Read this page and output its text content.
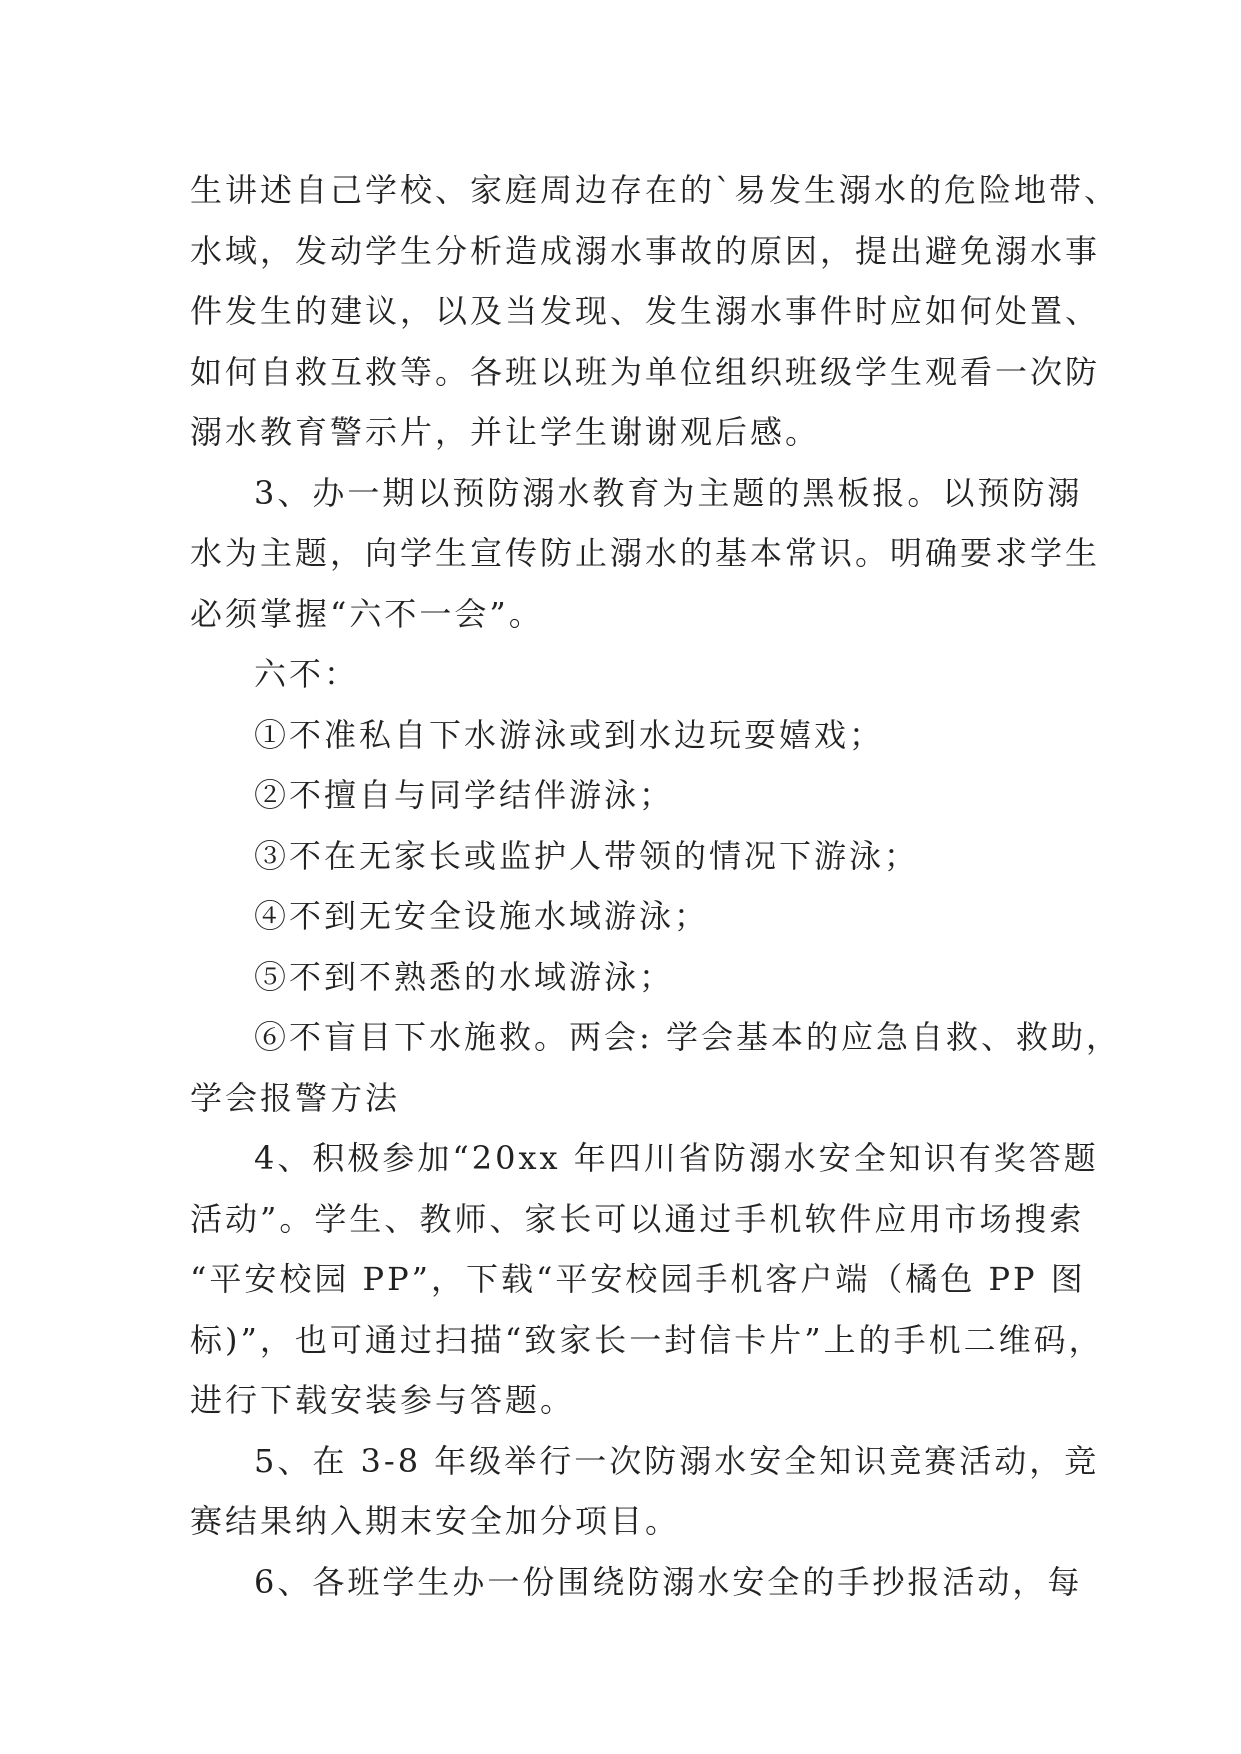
生讲述自己学校、家庭周边存在的`易发生溺水的危险地带、
水域，发动学生分析造成溺水事故的原因，提出避免溺水事
件发生的建议，以及当发现、发生溺水事件时应如何处置、
如何自救互救等。各班以班为单位组织班级学生观看一次防
溺水教育警示片，并让学生谢谢观后感。
3、办一期以预防溺水教育为主题的黑板报。以预防溺
水为主题，向学生宣传防止溺水的基本常识。明确要求学生
必须掌握“六不一会”。
六不：
①不准私自下水游泳或到水边玩耍嬉戏；
②不擅自与同学结伴游泳；
③不在无家长或监护人带领的情况下游泳；
④不到无安全设施水域游泳；
⑤不到不熟悉的水域游泳；
⑥不盲目下水施救。两会: 学会基本的应急自救、救助，
学会报警方法
4、积极参加“20xx 年四川省防溺水安全知识有奖答题
活动”。学生、教师、家长可以通过手机软件应用市场搜索
“平安校园 PP”，下载“平安校园手机客户端（橘色 PP 图
标)”，也可通过扫描“致家长一封信卡片”上的手机二维码，
进行下载安装参与答题。
5、在 3-8 年级举行一次防溺水安全知识竞赛活动，竞
赛结果纳入期末安全加分项目。
6、各班学生办一份围绕防溺水安全的手抄报活动，每
